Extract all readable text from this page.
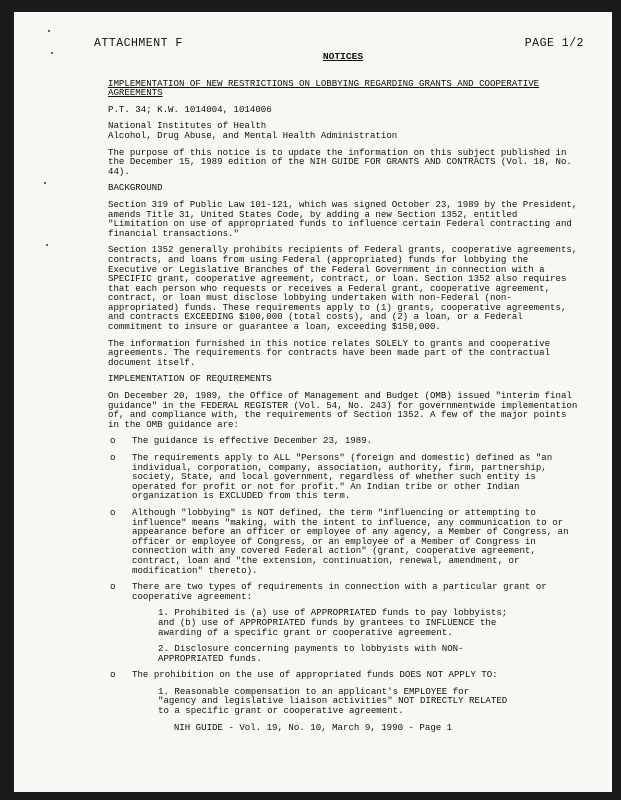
ATTACHMENT F	PAGE 1/2
NOTICES
IMPLEMENTATION OF NEW RESTRICTIONS ON LOBBYING REGARDING GRANTS AND COOPERATIVE AGREEMENTS

P.T. 34; K.W. 1014004, 1014006

National Institutes of Health

Alcohol, Drug Abuse, and Mental Health Administration

The purpose of this notice is to update the information on this subject published in the December 15, 1989 edition of the NIH GUIDE FOR GRANTS AND CONTRACTS (Vol. 18, No. 44).

BACKGROUND

Section 319 of Public Law 101-121, which was signed October 23, 1989 by the President, amends Title 31, United States Code, by adding a new Section 1352, entitled "Limitation on use of appropriated funds to influence certain Federal contracting and financial transactions."

Section 1352 generally prohibits recipients of Federal grants, cooperative agreements, contracts, and loans from using Federal (appropriated) funds for lobbying the Executive or Legislative Branches of the Federal Government in connection with a SPECIFIC grant, cooperative agreement, contract, or loan. Section 1352 also requires that each person who requests or receives a Federal grant, cooperative agreement, contract, or loan must disclose lobbying undertaken with non-Federal (non-appropriated) funds. These requirements apply to (1) grants, cooperative agreements, and contracts EXCEEDING $100,000 (total costs), and (2) a loan, or a Federal commitment to insure or guarantee a loan, exceeding $150,000.

The information furnished in this notice relates SOLELY to grants and cooperative agreements. The requirements for contracts have been made part of the contractual document itself.

IMPLEMENTATION OF REQUIREMENTS

On December 20, 1989, the Office of Management and Budget (OMB) issued "interim final guidance" in the FEDERAL REGISTER (Vol. 54, No. 243) for governmentwide implementation of, and compliance with, the requirements of Section 1352. A few of the major points in the OMB guidance are:

o	The guidance is effective December 23, 1989.
o	The requirements apply to ALL "Persons" (foreign and domestic) defined as "an individual, corporation, company, association, authority, firm, partnership, society, State, and local government, regardless of whether such entity is operated for profit or not for profit." An Indian tribe or other Indian organization is EXCLUDED from this term.
o	Although "lobbying" is NOT defined, the term "influencing or attempting to influence" means "making, with the intent to influence, any communication to or appearance before an officer or employee of any agency, a Member of Congress, an officer or employee of Congress, or an employee of a Member of Congress in connection with any covered Federal action" (grant, cooperative agreement, contract, loan and "the extension, continuation, renewal, amendment, or modification" thereto).
o	There are two types of requirements in connection with a particular grant or cooperative agreement:

1. Prohibited is (a) use of APPROPRIATED funds to pay lobbyists; and (b) use of APPROPRIATED funds by grantees to INFLUENCE the awarding of a specific grant or cooperative agreement.

2. Disclosure concerning payments to lobbyists with NON-APPROPRIATED funds.

o	The prohibition on the use of appropriated funds DOES NOT APPLY TO:

1. Reasonable compensation to an applicant's EMPLOYEE for "agency and legislative liaison activities" NOT DIRECTLY RELATED to a specific grant or cooperative agreement.

NIH GUIDE - Vol. 19, No. 10, March 9, 1990 - Page 1
